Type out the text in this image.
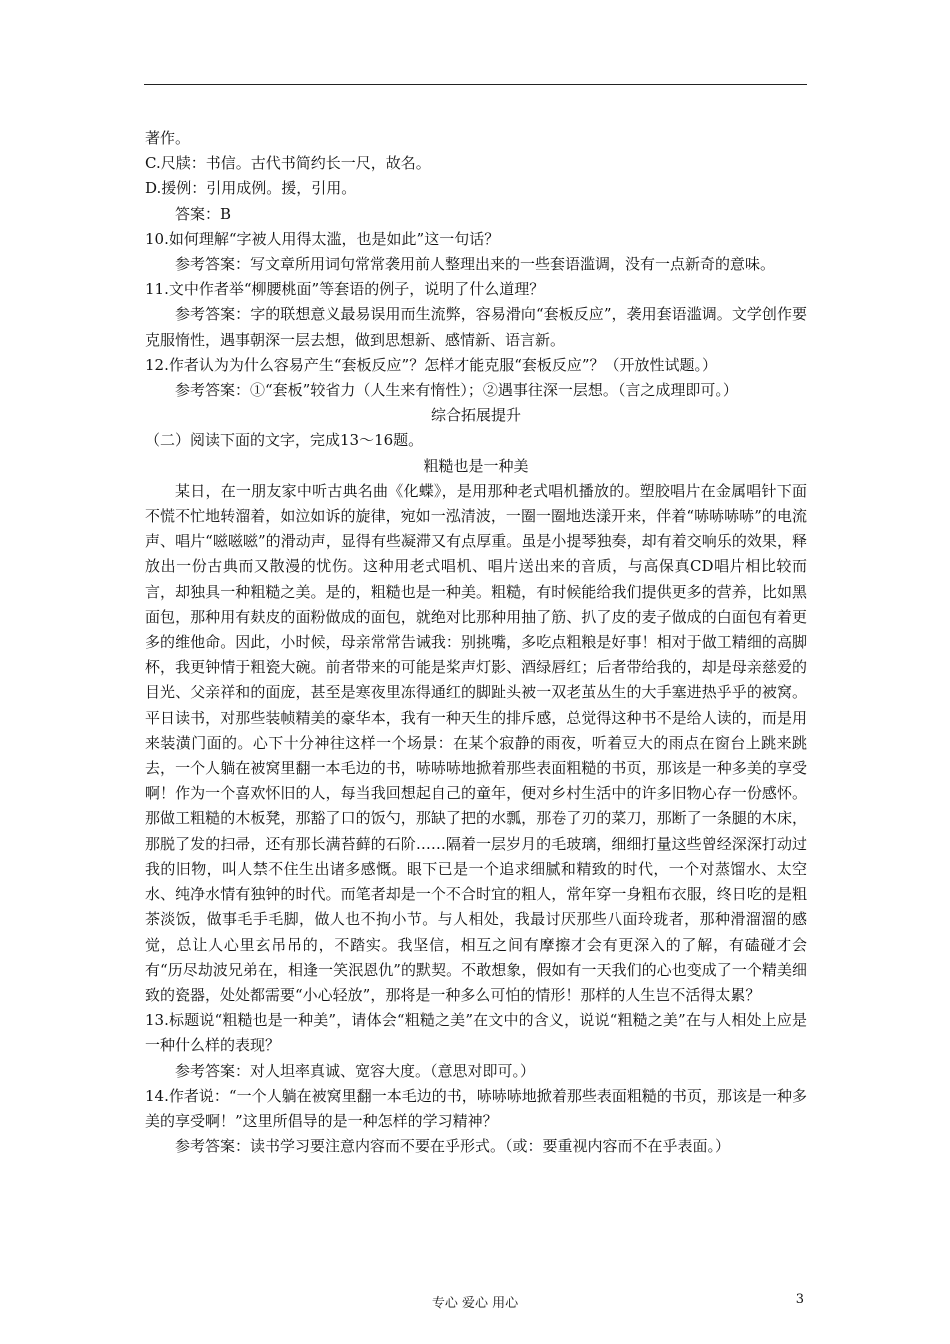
著作。

C.尺牍：书信。古代书简约长一尺，故名。

D.援例：引用成例。援，引用。

答案：B

10.如何理解“字被人用得太滥，也是如此”这一句话？

参考答案：写文章所用词句常常袭用前人整理出来的一些套语滥调，没有一点新奇的意味。

11.文中作者举“柳腰桃面”等套语的例子，说明了什么道理？

参考答案：字的联想意义最易误用而生流弊，容易滑向“套板反应”，袭用套语滥调。文学创作要克服惰性，遇事朝深一层去想，做到思想新、感情新、语言新。

12.作者认为为什么容易产生“套板反应”？怎样才能克服“套板反应”？（开放性试题。）

参考答案：①“套板”较省力（人生来有惰性）；②遇事往深一层想。（言之成理即可。）

综合拓展提升

（二）阅读下面的文字，完成13～16题。

粗糙也是一种美

某日，在一朋友家中听古典名曲《化蝶》，是用那种老式唱机播放的。塑胶唱片在金属唱针下面不慌不忙地转溜着，如泣如诉的旋律，宛如一泓清波，一圈一圈地迭漾开来，伴着“哧哧哧哧”的电流声、唱片“嗞嗞嗞”的滑动声，显得有些凝滞又有点厚重。虽是小提琴独奏，却有着交响乐的效果，释放出一份古典而又散漫的忧伤。这种用老式唱机、唱片送出来的音质，与高保真CD唱片相比较而言，却独具一种粗糙之美。是的，粗糙也是一种美。粗糙，有时候能给我们提供更多的营养，比如黑面包，那种用有麸皮的面粉做成的面包，就绝对比那种用抽了筋、扒了皮的麦子做成的白面包有着更多的维他命。因此，小时候，母亲常常告诫我：别挑嘴，多吃点粗粮是好事！相对于做工精细的高脚杯，我更钟情于粗瓷大碗。前者带来的可能是桨声灯影、酒绿唇红；后者带给我的，却是母亲慈爱的目光、父亲祥和的面庞，甚至是寒夜里冻得通红的脚趾头被一双老茧丛生的大手塞进热乎乎的被窝。平日读书，对那些装帧精美的豪华本，我有一种天生的排斥感，总觉得这种书不是给人读的，而是用来装潢门面的。心下十分神往这样一个场景：在某个寂静的雨夜，听着豆大的雨点在窗台上跳来跳去，一个人躺在被窝里翻一本毛边的书，哧哧哧地掀着那些表面粗糙的书页，那该是一种多美的享受啊！作为一个喜欢怀旧的人，每当我回想起自己的童年，便对乡村生活中的许多旧物心存一份感怀。那做工粗糙的木板凳，那豁了口的饭勺，那缺了把的水瓢，那卷了刃的菜刀，那断了一条腿的木床，那脱了发的扫帚，还有那长满苔藓的石阶……隔着一层岁月的毛玻璃，细细打量这些曾经深深打动过我的旧物，叫人禁不住生出诸多感慨。眼下已是一个追求细腻和精致的时代，一个对蒸馏水、太空水、纯净水情有独钟的时代。而笔者却是一个不合时宜的粗人，常年穿一身粗布衣服，终日吃的是粗茶淡饭，做事毛手毛脚，做人也不拘小节。与人相处，我最讨厌那些八面玲珑者，那种滑溜溜的感觉，总让人心里玄吊吊的，不踏实。我坚信，相互之间有摩擦才会有更深入的了解，有磕碰才会有“历尽劫波兄弟在，相逢一笑泯恩仇”的默契。不敢想象，假如有一天我们的心也变成了一个精美细致的瓷器，处处都需要“小心轻放”，那将是一种多么可怕的情形！那样的人生岂不活得太累？

13.标题说“粗糙也是一种美”，请体会“粗糙之美”在文中的含义，说说“粗糙之美”在与人相处上应是一种什么样的表现？

参考答案：对人坦率真诚、宽容大度。（意思对即可。）

14.作者说：“一个人躺在被窝里翻一本毛边的书，哧哧哧地掀着那些表面粗糙的书页，那该是一种多美的享受啊！”这里所倡导的是一种怎样的学习精神？

参考答案：读书学习要注意内容而不要在乎形式。（或：要重视内容而不在乎表面。）

专心 爱心 用心	3
